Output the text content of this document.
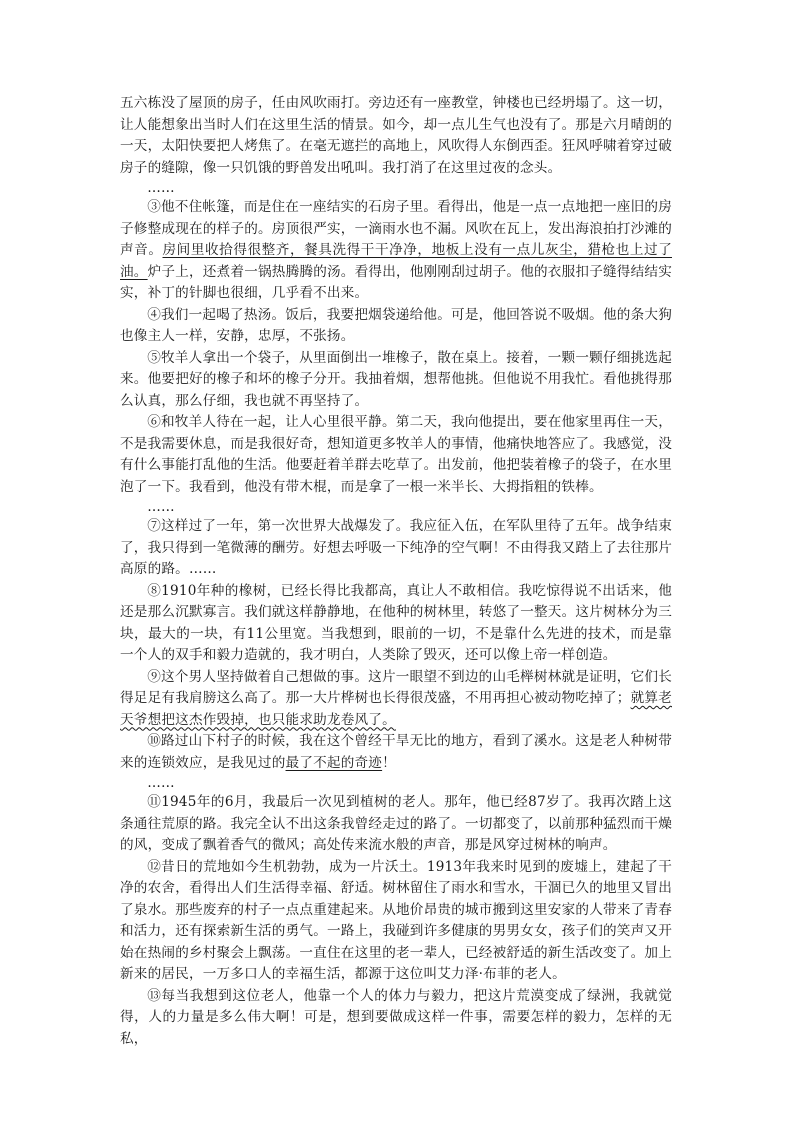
五六栋没了屋顶的房子，任由风吹雨打。旁边还有一座教堂，钟楼也已经坍塌了。这一切，让人能想象出当时人们在这里生活的情景。如今，却一点儿生气也没有了。那是六月晴朗的一天，太阳快要把人烤焦了。在毫无遮拦的高地上，风吹得人东倒西歪。狂风呼啸着穿过破房子的缝隙，像一只饥饿的野兽发出吼叫。我打消了在这里过夜的念头。

……

③他不住帐篷，而是住在一座结实的石房子里。看得出，他是一点一点地把一座旧的房子修整成现在的样子的。房顶很严实，一滴雨水也不漏。风吹在瓦上，发出海浪拍打沙滩的声音。房间里收拾得很整齐，餐具洗得干干净净，地板上没有一点儿灰尘，猎枪也上过了油。炉子上，还煮着一锅热腾腾的汤。看得出，他刚刚刮过胡子。他的衣服扣子缝得结结实实，补丁的针脚也很细，几乎看不出来。

④我们一起喝了热汤。饭后，我要把烟袋递给他。可是，他回答说不吸烟。他的条大狗也像主人一样，安静，忠厚，不张扬。

⑤牧羊人拿出一个袋子，从里面倒出一堆橡子，散在桌上。接着，一颗一颗仔细挑选起来。他要把好的橡子和坏的橡子分开。我抽着烟，想帮他挑。但他说不用我忙。看他挑得那么认真，那么仔细，我也就不再坚持了。

⑥和牧羊人待在一起，让人心里很平静。第二天，我向他提出，要在他家里再住一天，不是我需要休息，而是我很好奇，想知道更多牧羊人的事情，他痛快地答应了。我感觉，没有什么事能打乱他的生活。他要赶着羊群去吃草了。出发前，他把装着橡子的袋子，在水里泡了一下。我看到，他没有带木棍，而是拿了一根一米半长、大拇指粗的铁棒。

……

⑦这样过了一年，第一次世界大战爆发了。我应征入伍，在军队里待了五年。战争结束了，我只得到一笔微薄的酬劳。好想去呼吸一下纯净的空气啊！不由得我又踏上了去往那片高原的路。……

⑧1910年种的橡树，已经长得比我都高，真让人不敢相信。我吃惊得说不出话来，他还是那么沉默寡言。我们就这样静静地，在他种的树林里，转悠了一整天。这片树林分为三块，最大的一块，有11公里宽。当我想到，眼前的一切，不是靠什么先进的技术，而是靠一个人的双手和毅力造就的，我才明白，人类除了毁灭，还可以像上帝一样创造。

⑨这个男人坚持做着自己想做的事。这片一眼望不到边的山毛榉树林就是证明，它们长得足足有我肩膀这么高了。那一大片桦树也长得很茂盛，不用再担心被动物吃掉了；就算老天爷想把这杰作毁掉，也只能求助龙卷风了。

⑩路过山下村子的时候，我在这个曾经干旱无比的地方，看到了溪水。这是老人种树带来的连锁效应，是我见过的最了不起的奇迹！

……

⑪1945年的6月，我最后一次见到植树的老人。那年，他已经87岁了。我再次踏上这条通往荒原的路。我完全认不出这条我曾经走过的路了。一切都变了，以前那种猛烈而干燥的风，变成了飘着香气的微风；高处传来流水般的声音，那是风穿过树林的响声。

⑫昔日的荒地如今生机勃勃，成为一片沃土。1913年我来时见到的废墟上，建起了干净的农舍，看得出人们生活得幸福、舒适。树林留住了雨水和雪水，干涸已久的地里又冒出了泉水。那些废弃的村子一点点重建起来。从地价昂贵的城市搬到这里安家的人带来了青春和活力，还有探索新生活的勇气。一路上，我碰到许多健康的男男女女，孩子们的笑声又开始在热闹的乡村聚会上飘荡。一直住在这里的老一辈人，已经被舒适的新生活改变了。加上新来的居民，一万多口人的幸福生活，都源于这位叫艾力泽·布菲的老人。

⑬每当我想到这位老人，他靠一个人的体力与毅力，把这片荒漠变成了绿洲，我就觉得，人的力量是多么伟大啊！可是，想到要做成这样一件事，需要怎样的毅力，怎样的无私，
